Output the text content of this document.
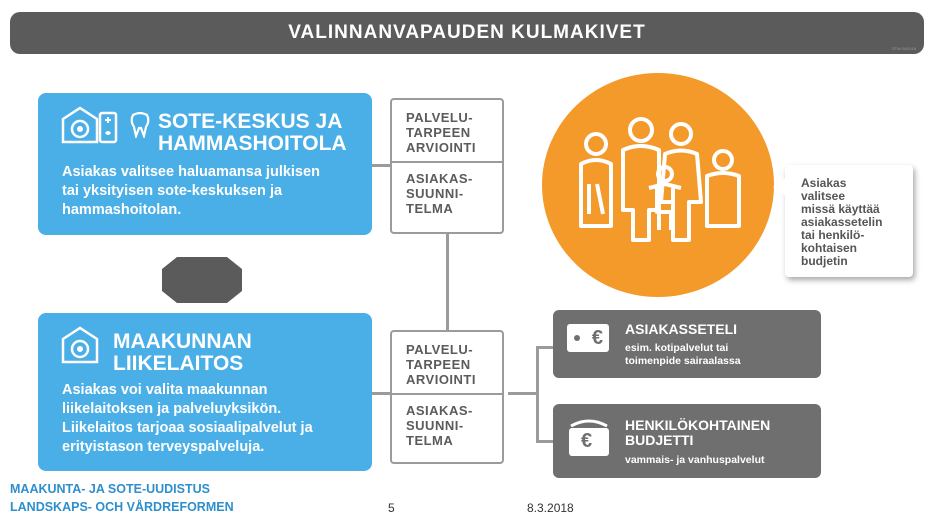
VALINNANVAPAUDEN KULMAKIVET
STM 04/2018
SOTE-KESKUS JA
HAMMASHOITOLA
Asiakas valitsee haluamansa julkisen
tai yksityisen sote-keskuksen ja
hammashoitolan.
MAAKUNNAN
LIIKELAITOS
Asiakas voi valita maakunnan
liikelaitoksen ja palveluyksikön.
Liikelaitos tarjoaa sosiaalipalvelut ja
erityistason terveyspalveluja.
PALVELU-
TARPEEN
ARVIOINTI
ASIAKAS-
SUUNNI-
TELMA
PALVELU-
TARPEEN
ARVIOINTI
ASIAKAS-
SUUNNI-
TELMA
Asiakas
valitsee
missä käyttää
asiakassetelin
tai henkilö-
kohtaisen
budjetin
€ ASIAKASSETELI
esim. kotipalvelut tai
toimenpide sairaalassa
€
HENKILÖKOHTAINEN
BUDJETTI
vammais- ja vanhuspalvelut
MAAKUNTA- JA SOTE-UUDISTUS
LANDSKAPS- OCH VÅRDREFORMEN	5	8.3.2018
